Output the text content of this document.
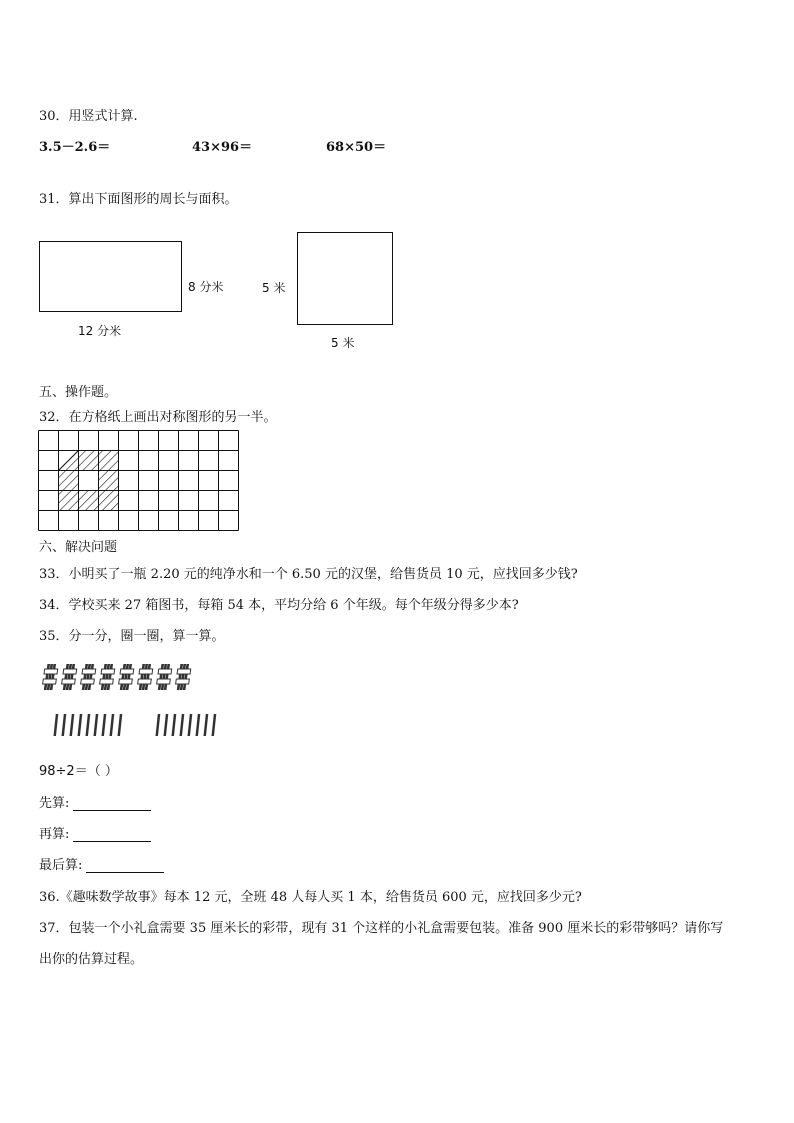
30．用竖式计算.
3.5－2.6＝	43×96＝	68×50＝
31．算出下面图形的周长与面积。
8 分米
12 分米
5 米
5 米
五、操作题。
32．在方格纸上画出对称图形的另一半。
六、解决问题
33．小明买了一瓶 2.20 元的纯净水和一个 6.50 元的汉堡，给售货员 10 元，应找回多少钱?
34．学校买来 27 箱图书，每箱 54 本，平均分给 6 个年级。每个年级分得多少本?
35．分一分，圈一圈，算一算。
98÷2＝（ ）
先算:
再算:
最后算:
36.《趣味数学故事》每本 12 元，全班 48 人每人买 1 本，给售货员 600 元，应找回多少元?
37．包装一个小礼盒需要 35 厘米长的彩带，现有 31 个这样的小礼盒需要包装。准备 900 厘米长的彩带够吗？请你写
出你的估算过程。
